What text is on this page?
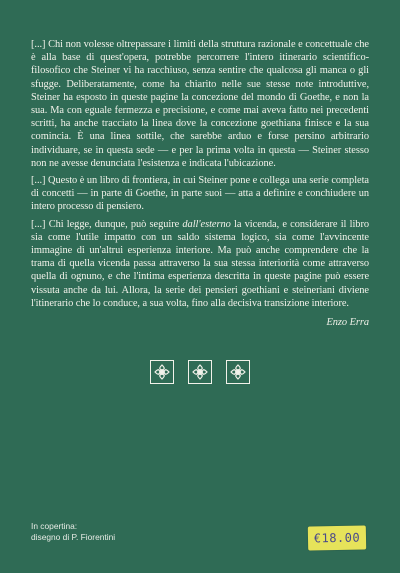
[...] Chi non volesse oltrepassare i limiti della struttura razionale e concettuale che è alla base di quest'opera, potrebbe percorrere l'intero itinerario scientifico-filosofico che Steiner vi ha racchiuso, senza sentire che qualcosa gli manca o gli sfugge. Deliberatamente, come ha chiarito nelle sue stesse note introduttive, Steiner ha esposto in queste pagine la concezione del mondo di Goethe, e non la sua. Ma con eguale fermezza e precisione, e come mai aveva fatto nei precedenti scritti, ha anche tracciato la linea dove la concezione goethiana finisce e la sua comincia. È una linea sottile, che sarebbe arduo e forse persino arbitrario individuare, se in questa sede — e per la prima volta in questa — Steiner stesso non ne avesse denunciata l'esistenza e indicata l'ubicazione.

[...] Questo è un libro di frontiera, in cui Steiner pone e collega una serie completa di concetti — in parte di Goethe, in parte suoi — atta a definire e conchiudere un intero processo di pensiero.

[...] Chi legge, dunque, può seguire dall'esterno la vicenda, e considerare il libro sia come l'utile impatto con un saldo sistema logico, sia come l'avvincente immagine di un'altrui esperienza interiore. Ma può anche comprendere che la trama di quella vicenda passa attraverso la sua stessa interiorità come attraverso quella di ognuno, e che l'intima esperienza descritta in queste pagine può essere vissuta anche da lui. Allora, la serie dei pensieri goethiani e steineriani diviene l'itinerario che lo conduce, a sua volta, fino alla decisiva transizione interiore.

Enzo Erra
In copertina:
disegno di P. Fiorentini	€18.00
